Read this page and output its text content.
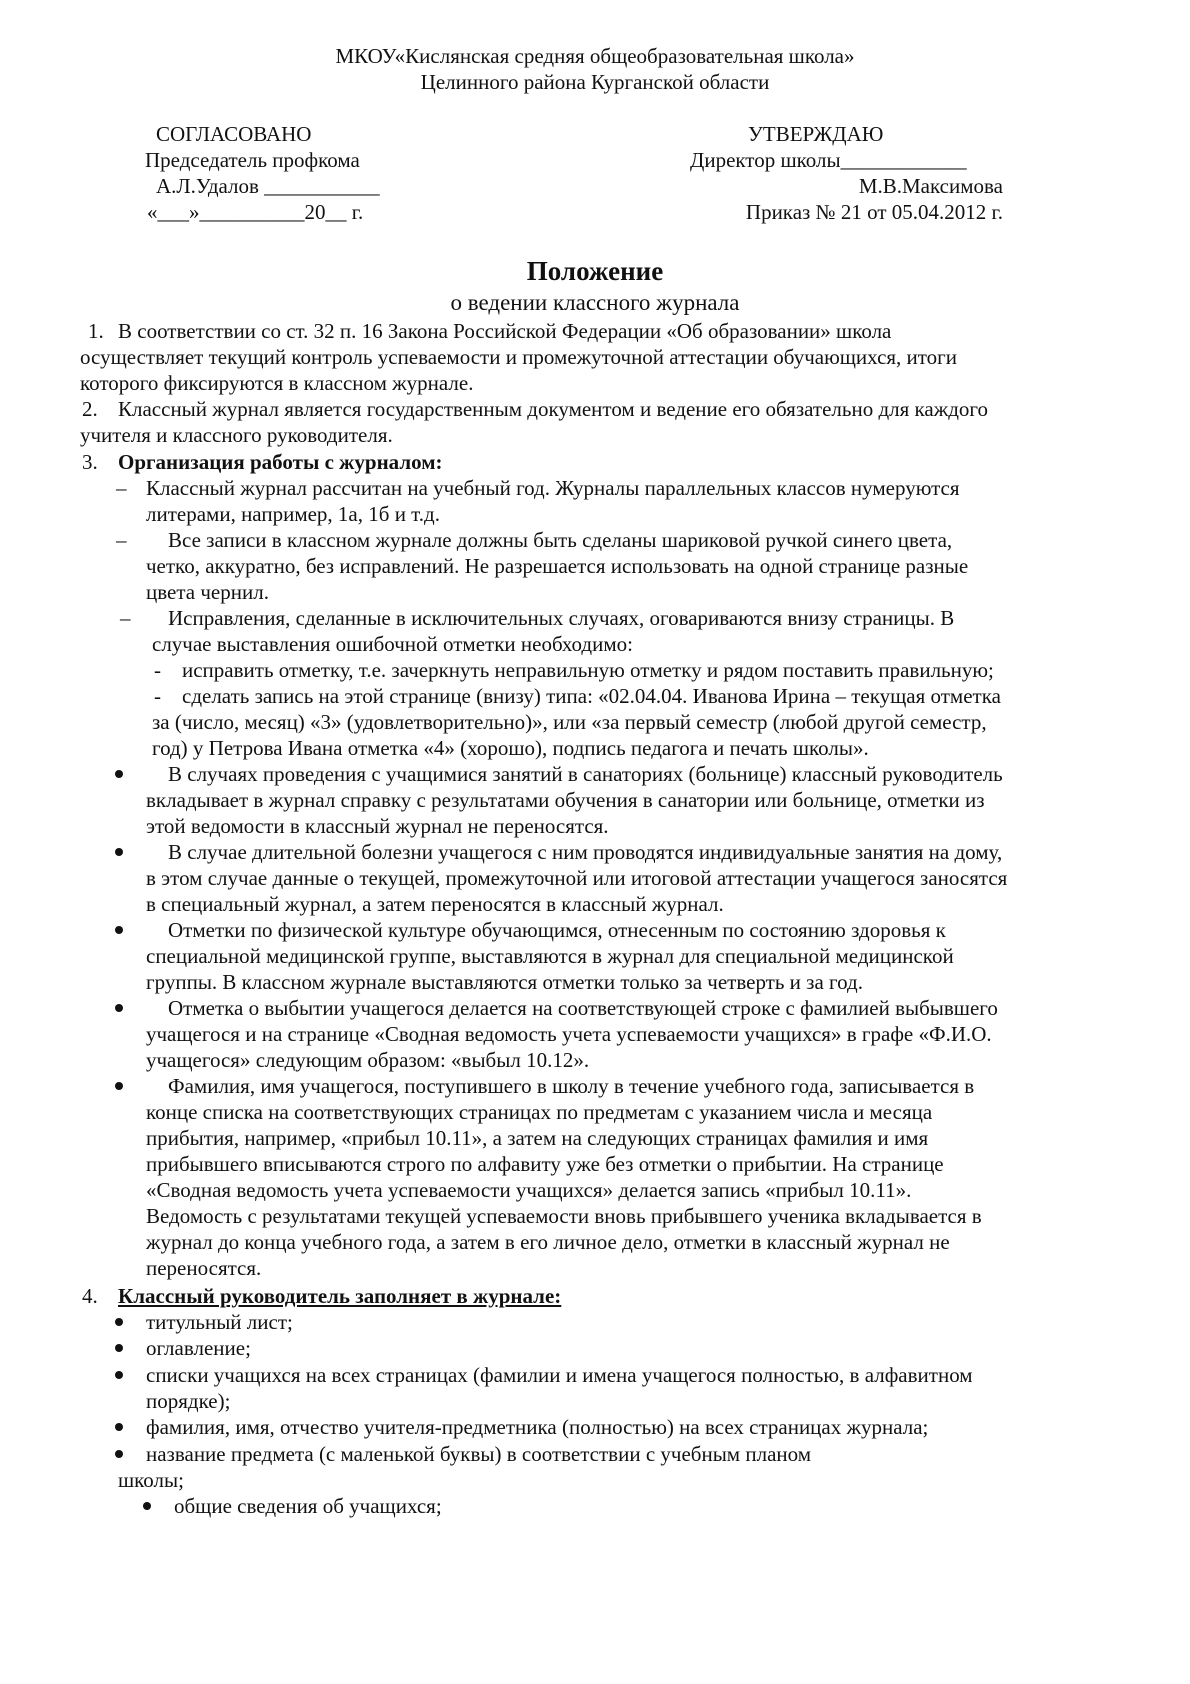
МКОУ«Кислянская средняя общеобразовательная школа»
Целинного района Курганской области
СОГЛАСОВАНО
Председатель профкома
А.Л.Удалов ___________
«___»__________20__ г.
УТВЕРЖДАЮ
Директор школы____________
М.В.Максимова
Приказ № 21 от 05.04.2012 г.
Положение
о ведении классного журнала
1. В соответствии со ст. 32 п. 16 Закона Российской Федерации «Об образовании» школа
осуществляет текущий контроль успеваемости и промежуточной аттестации обучающихся, итоги
которого фиксируются в классном журнале.
2. Классный журнал является государственным документом и ведение его обязательно для каждого
учителя и классного руководителя.
3. Организация работы с журналом:
– Классный журнал рассчитан на учебный год. Журналы параллельных классов нумеруются
литерами, например, 1а, 1б и т.д.
– Все записи в классном журнале должны быть сделаны шариковой ручкой синего цвета,
четко, аккуратно, без исправлений. Не разрешается использовать на одной странице разные
цвета чернил.
– Исправления, сделанные в исключительных случаях, оговариваются внизу страницы. В
случае выставления ошибочной отметки необходимо:
- исправить отметку, т.е. зачеркнуть неправильную отметку и рядом поставить правильную;
- сделать запись на этой странице (внизу) типа: «02.04.04. Иванова Ирина – текущая отметка
за (число, месяц) «3» (удовлетворительно)», или «за первый семестр (любой другой семестр,
год) у Петрова Ивана отметка «4» (хорошо), подпись педагога и печать школы».
В случаях проведения с учащимися занятий в санаториях (больнице) классный руководитель
вкладывает в журнал справку с результатами обучения в санатории или больнице, отметки из
этой ведомости в классный журнал не переносятся.
В случае длительной болезни учащегося с ним проводятся индивидуальные занятия на дому,
в этом случае данные о текущей, промежуточной или итоговой аттестации учащегося заносятся
в специальный журнал, а затем переносятся в классный журнал.
Отметки по физической культуре обучающимся, отнесенным по состоянию здоровья к
специальной медицинской группе, выставляются в журнал для специальной медицинской
группы. В классном журнале выставляются отметки только за четверть и за год.
Отметка о выбытии учащегося делается на соответствующей строке с фамилией выбывшего
учащегося и на странице «Сводная ведомость учета успеваемости учащихся» в графе «Ф.И.О.
учащегося» следующим образом: «выбыл 10.12».
Фамилия, имя учащегося, поступившего в школу в течение учебного года, записывается в
конце списка на соответствующих страницах по предметам с указанием числа и месяца
прибытия, например, «прибыл 10.11», а затем на следующих страницах фамилия и имя
прибывшего вписываются строго по алфавиту уже без отметки о прибытии. На странице
«Сводная ведомость учета успеваемости учащихся» делается запись «прибыл 10.11».
Ведомость с результатами текущей успеваемости вновь прибывшего ученика вкладывается в
журнал до конца учебного года, а затем в его личное дело, отметки в классный журнал не
переносятся.
4. Классный руководитель заполняет в журнале:
титульный лист;
оглавление;
списки учащихся на всех страницах (фамилии и имена учащегося полностью, в алфавитном
порядке);
фамилия, имя, отчество учителя-предметника (полностью) на всех страницах журнала;
название предмета (с маленькой буквы) в соответствии с учебным планом
школы;
общие сведения об учащихся;
